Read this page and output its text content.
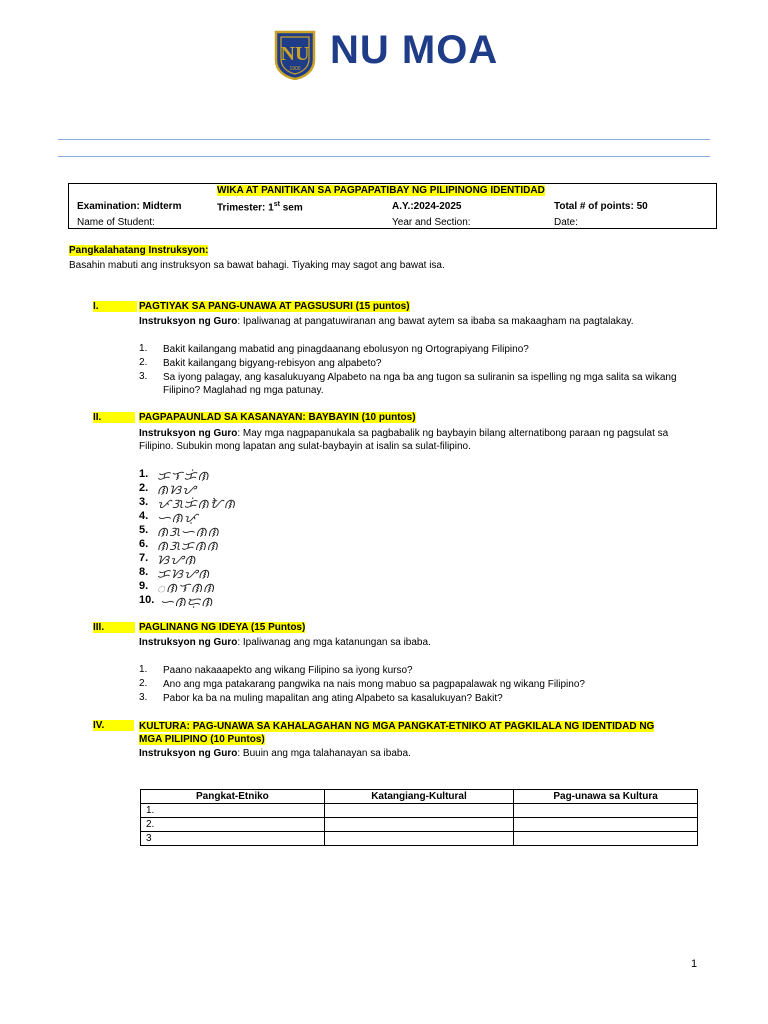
NU
1900 NU MOA
WIKA AT PANITIKAN SA PAGPAPATIBAY NG PILIPINONG IDENTIDAD
Examination: Midterm	Trimester: 1st sem	A.Y.:2024-2025	Total # of points: 50
Name of Student:	Year and Section:	Date:
Pangkalahatang Instruksyon:
Basahin mabuti ang instruksyon sa bawat bahagi. Tiyaking may sagot ang bawat isa.
I.	PAGTIYAK SA PANG-UNAWA AT PAGSUSURI (15 puntos)
Instruksyon ng Guro: Ipaliwanag at pangatuwiranan ang bawat aytem sa ibaba sa makaagham na pagtalakay.
1. Bakit kailangang mabatid ang pinagdaanang ebolusyon ng Ortograpiyang Filipino?
2. Bakit kailangang bigyang-rebisyon ang alpabeto?
3. Sa iyong palagay, ang kasalukuyang Alpabeto na nga ba ang tugon sa suliranin sa ispelling ng mga salita sa wikang Filipino? Maglahad ng mga patunay.
II.	PAGPAPAUNLAD SA KASANAYAN: BAYBAYIN (10 puntos)
Instruksyon ng Guro: May mga nagpapanukala sa pagbabalik ng baybayin bilang alternatibong paraan ng pagsulat sa Filipino. Subukin mong lapatan ang sulat-baybayin at isalin sa sulat-filipino.
1. ᜃᜎᜃᜒᜈ
2. ᜈᜐᜌ
3. ᜉᜄᜃᜒᜈᜀᜈ
4. ᜑᜈᜉᜓ
5. ᜈᜄᜑᜈᜈ
6. ᜈᜄᜃᜈᜈ
7. ᜐᜌᜈ
8. ᜃᜐᜌᜈ
9. ᜀᜈᜎᜈᜈ
10. ᜑᜈᜇᜓᜈ
III.	PAGLINANG NG IDEYA (15 Puntos)
Instruksyon ng Guro: Ipaliwanag ang mga katanungan sa ibaba.
1. Paano nakaaapekto ang wikang Filipino sa iyong kurso?
2. Ano ang mga patakarang pangwika na nais mong mabuo sa pagpapalawak ng wikang Filipino?
3. Pabor ka ba na muling mapalitan ang ating Alpabeto sa kasalukuyan? Bakit?
IV.	KULTURA: PAG-UNAWA SA KAHALAGAHAN NG MGA PANGKAT-ETNIKO AT PAGKILALA NG IDENTIDAD NG
MGA PILIPINO (10 Puntos)
Instruksyon ng Guro: Buuin ang mga talahanayan sa ibaba.
Pangkat-Etniko	Katangiang-Kultural	Pag-unawa sa Kultura
1.		
2.		
3		
1
